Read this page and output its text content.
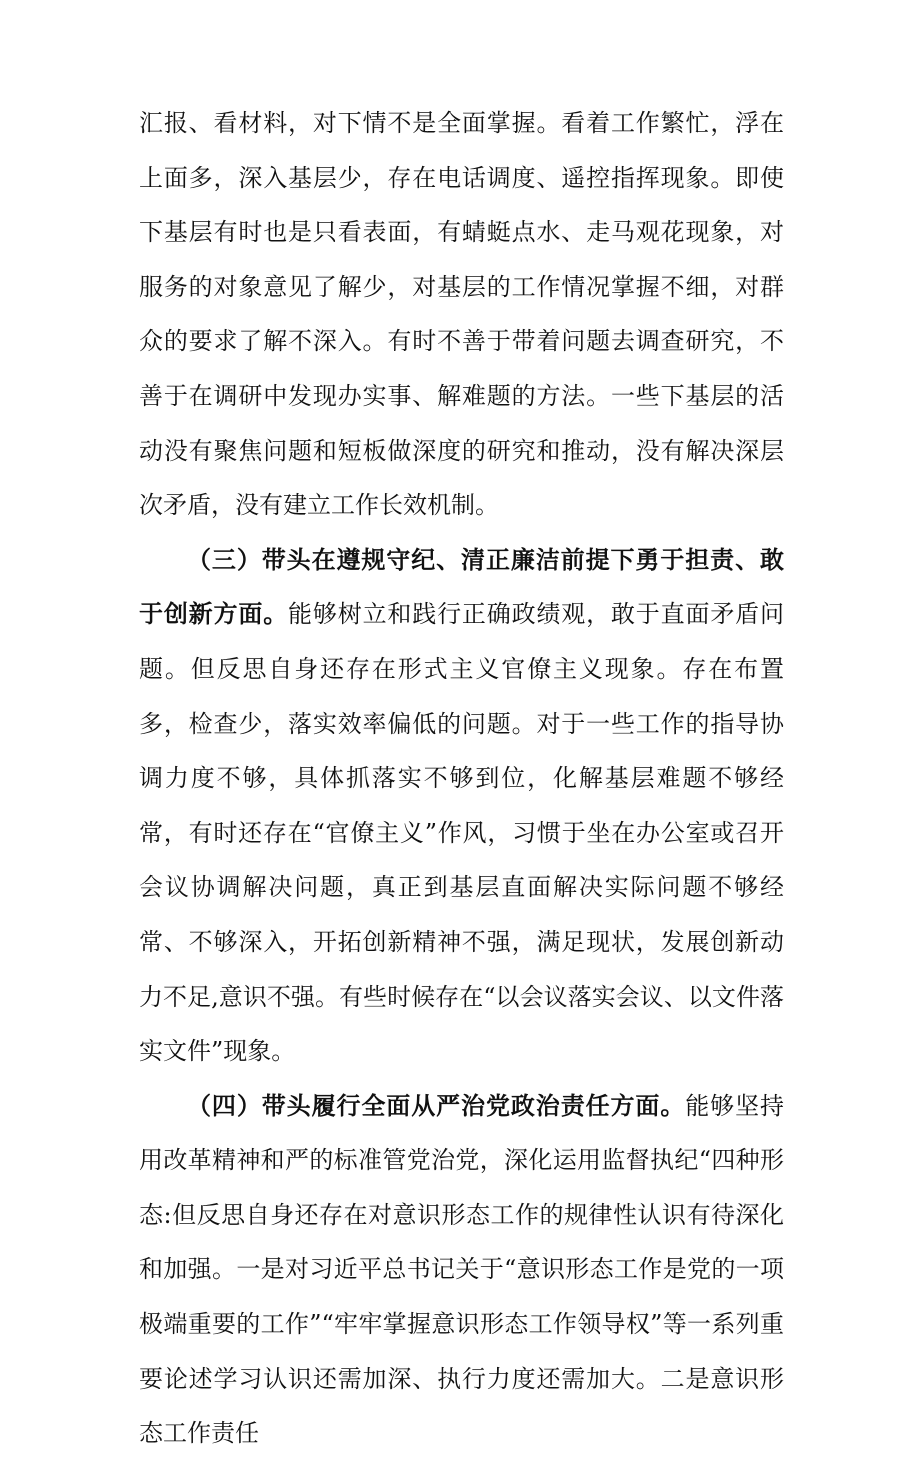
汇报、看材料，对下情不是全面掌握。看着工作繁忙，浮在上面多，深入基层少，存在电话调度、遥控指挥现象。即使下基层有时也是只看表面，有蜻蜓点水、走马观花现象，对服务的对象意见了解少，对基层的工作情况掌握不细，对群众的要求了解不深入。有时不善于带着问题去调查研究，不善于在调研中发现办实事、解难题的方法。一些下基层的活动没有聚焦问题和短板做深度的研究和推动，没有解决深层次矛盾，没有建立工作长效机制。

（三）带头在遵规守纪、清正廉洁前提下勇于担责、敢于创新方面。能够树立和践行正确政绩观，敢于直面矛盾问题。但反思自身还存在形式主义官僚主义现象。存在布置多，检查少，落实效率偏低的问题。对于一些工作的指导协调力度不够，具体抓落实不够到位，化解基层难题不够经常，有时还存在“官僚主义”作风，习惯于坐在办公室或召开会议协调解决问题，真正到基层直面解决实际问题不够经常、不够深入，开拓创新精神不强，满足现状，发展创新动力不足,意识不强。有些时候存在“以会议落实会议、以文件落实文件”现象。

（四）带头履行全面从严治党政治责任方面。能够坚持用改革精神和严的标准管党治党，深化运用监督执纪“四种形态:但反思自身还存在对意识形态工作的规律性认识有待深化和加强。一是对习近平总书记关于“意识形态工作是党的一项极端重要的工作”“牢牢掌握意识形态工作领导权”等一系列重要论述学习认识还需加深、执行力度还需加大。二是意识形态工作责任
